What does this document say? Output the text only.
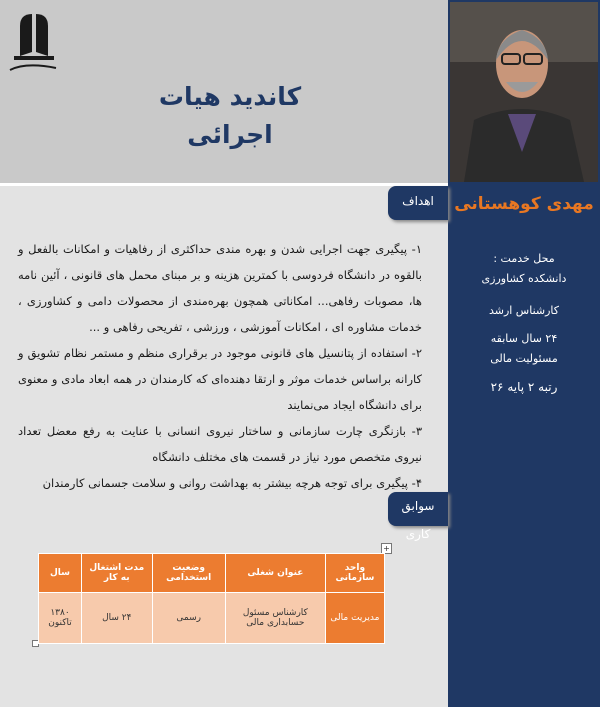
کاندید هیات
اجرائی
مهدی کوهستانی
اهداف

۱- پیگیری جهت اجرایی شدن و بهره مندی حداکثری از رفاهیات و امکانات بالفعل و بالقوه در دانشگاه فردوسی با کمترین هزینه و بر مبنای محمل های قانونی ، آئین نامه ها، مصوبات رفاهی... امکاناتی همچون بهره‌مندی از محصولات دامی و کشاورزی ، خدمات مشاوره ای ، امکانات آموزشی ، ورزشی ، تفریحی رفاهی و ...

۲- استفاده از پتانسیل های قانونی موجود در برقراری منظم و مستمر نظام تشویق و کارانه براساس خدمات موثر و ارتقا دهنده‌ای که کارمندان در همه ابعاد مادی و معنوی برای دانشگاه ایجاد می‌نمایند

۳- بازنگری چارت سازمانی و ساختار نیروی انسانی با عنایت به رفع معضل تعداد نیروی متخصص مورد نیاز در قسمت های مختلف دانشگاه

۴- پیگیری برای توجه هرچه بیشتر به بهداشت روانی و سلامت جسمانی کارمندان

محل خدمت :
دانشکده کشاورزی
کارشناس ارشد
۲۴ سال سابقه
مسئولیت مالی
رتبه ۲ پایه ۲۶
سوابق کاری
+
واحد سازمانی	عنوان شغلی	وضعیت استخدامی	مدت اشتغال به کار	سال
مدیریت مالی	کارشناس مسئول حسابداری مالی	رسمی	۲۴ سال	۱۳۸۰ تاکنون
